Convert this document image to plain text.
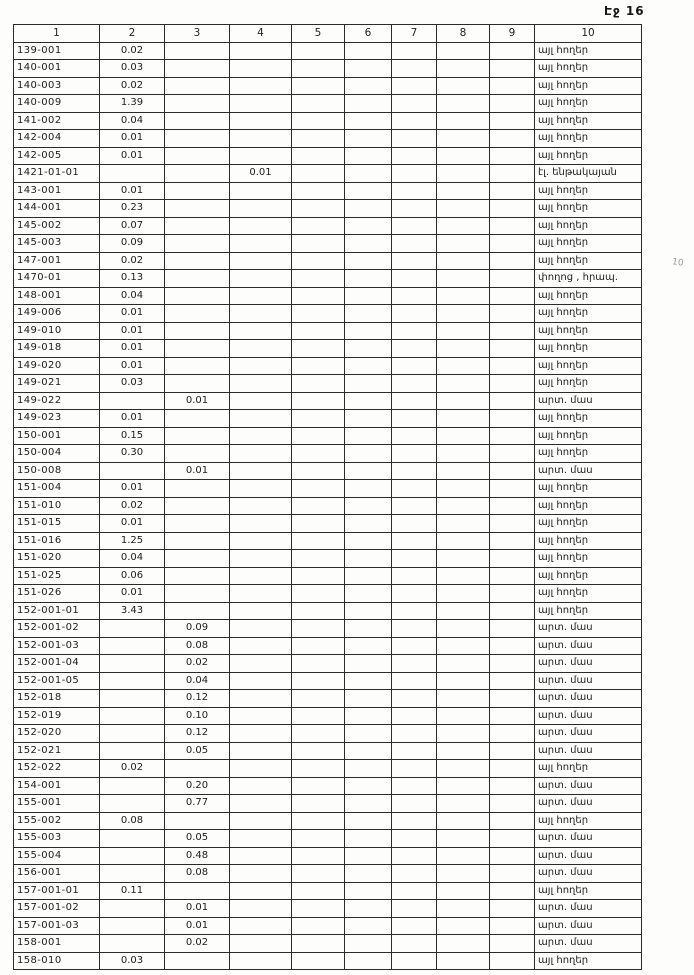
Էջ 16
10
1	2	3	4	5	6	7	8	9	10
139-001	0.02								այլ հողեր
140-001	0.03								այլ հողեր
140-003	0.02								այլ հողեր
140-009	1.39								այլ հողեր
141-002	0.04								այլ հողեր
142-004	0.01								այլ հողեր
142-005	0.01								այլ հողեր
1421-01-01			0.01						էլ. ենթակայան
143-001	0.01								այլ հողեր
144-001	0.23								այլ հողեր
145-002	0.07								այլ հողեր
145-003	0.09								այլ հողեր
147-001	0.02								այլ հողեր
1470-01	0.13								փողոց , հրապ.
148-001	0.04								այլ հողեր
149-006	0.01								այլ հողեր
149-010	0.01								այլ հողեր
149-018	0.01								այլ հողեր
149-020	0.01								այլ հողեր
149-021	0.03								այլ հողեր
149-022		0.01							արտ. մաս
149-023	0.01								այլ հողեր
150-001	0.15								այլ հողեր
150-004	0.30								այլ հողեր
150-008		0.01							արտ. մաս
151-004	0.01								այլ հողեր
151-010	0.02								այլ հողեր
151-015	0.01								այլ հողեր
151-016	1.25								այլ հողեր
151-020	0.04								այլ հողեր
151-025	0.06								այլ հողեր
151-026	0.01								այլ հողեր
152-001-01	3.43								այլ հողեր
152-001-02		0.09							արտ. մաս
152-001-03		0.08							արտ. մաս
152-001-04		0.02							արտ. մաս
152-001-05		0.04							արտ. մաս
152-018		0.12							արտ. մաս
152-019		0.10							արտ. մաս
152-020		0.12							արտ. մաս
152-021		0.05							արտ. մաս
152-022	0.02								այլ հողեր
154-001		0.20							արտ. մաս
155-001		0.77							արտ. մաս
155-002	0.08								այլ հողեր
155-003		0.05							արտ. մաս
155-004		0.48							արտ. մաս
156-001		0.08							արտ. մաս
157-001-01	0.11								այլ հողեր
157-001-02		0.01							արտ. մաս
157-001-03		0.01							արտ. մաս
158-001		0.02							արտ. մաս
158-010	0.03								այլ հողեր
